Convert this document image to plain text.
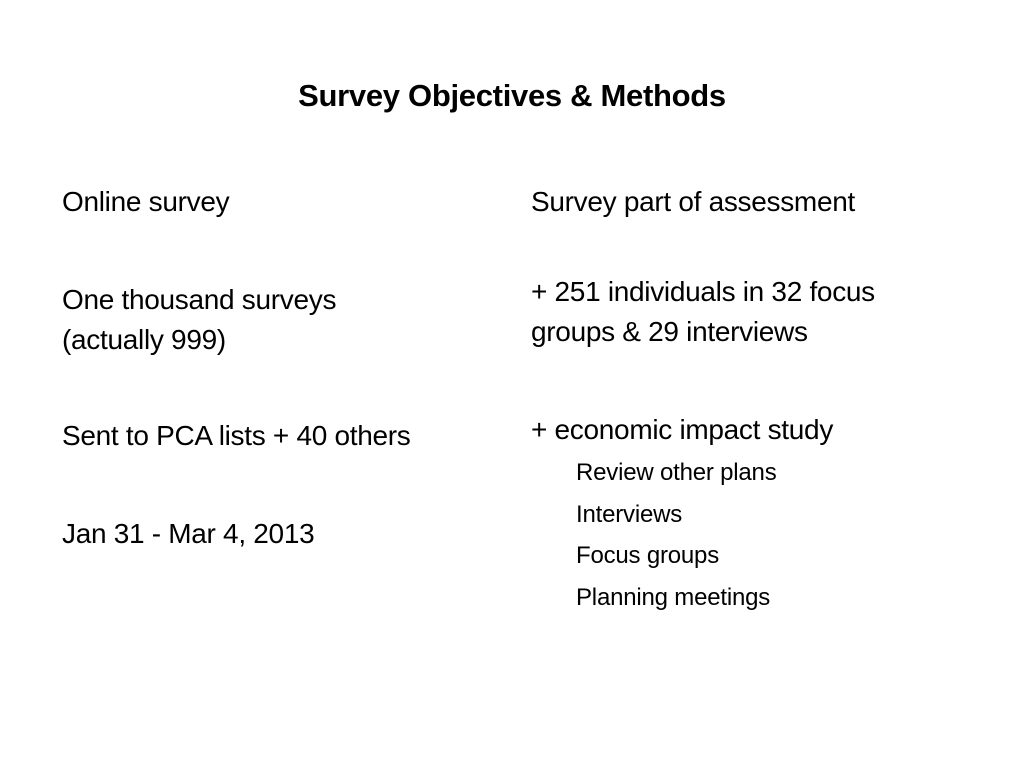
Survey Objectives & Methods
Online survey
One thousand surveys
(actually 999)
Sent to PCA lists + 40 others
Jan 31 - Mar 4, 2013
Survey part of assessment
+ 251 individuals in 32 focus
groups & 29 interviews
+ economic impact study
Review other plans
Interviews
Focus groups
Planning meetings
